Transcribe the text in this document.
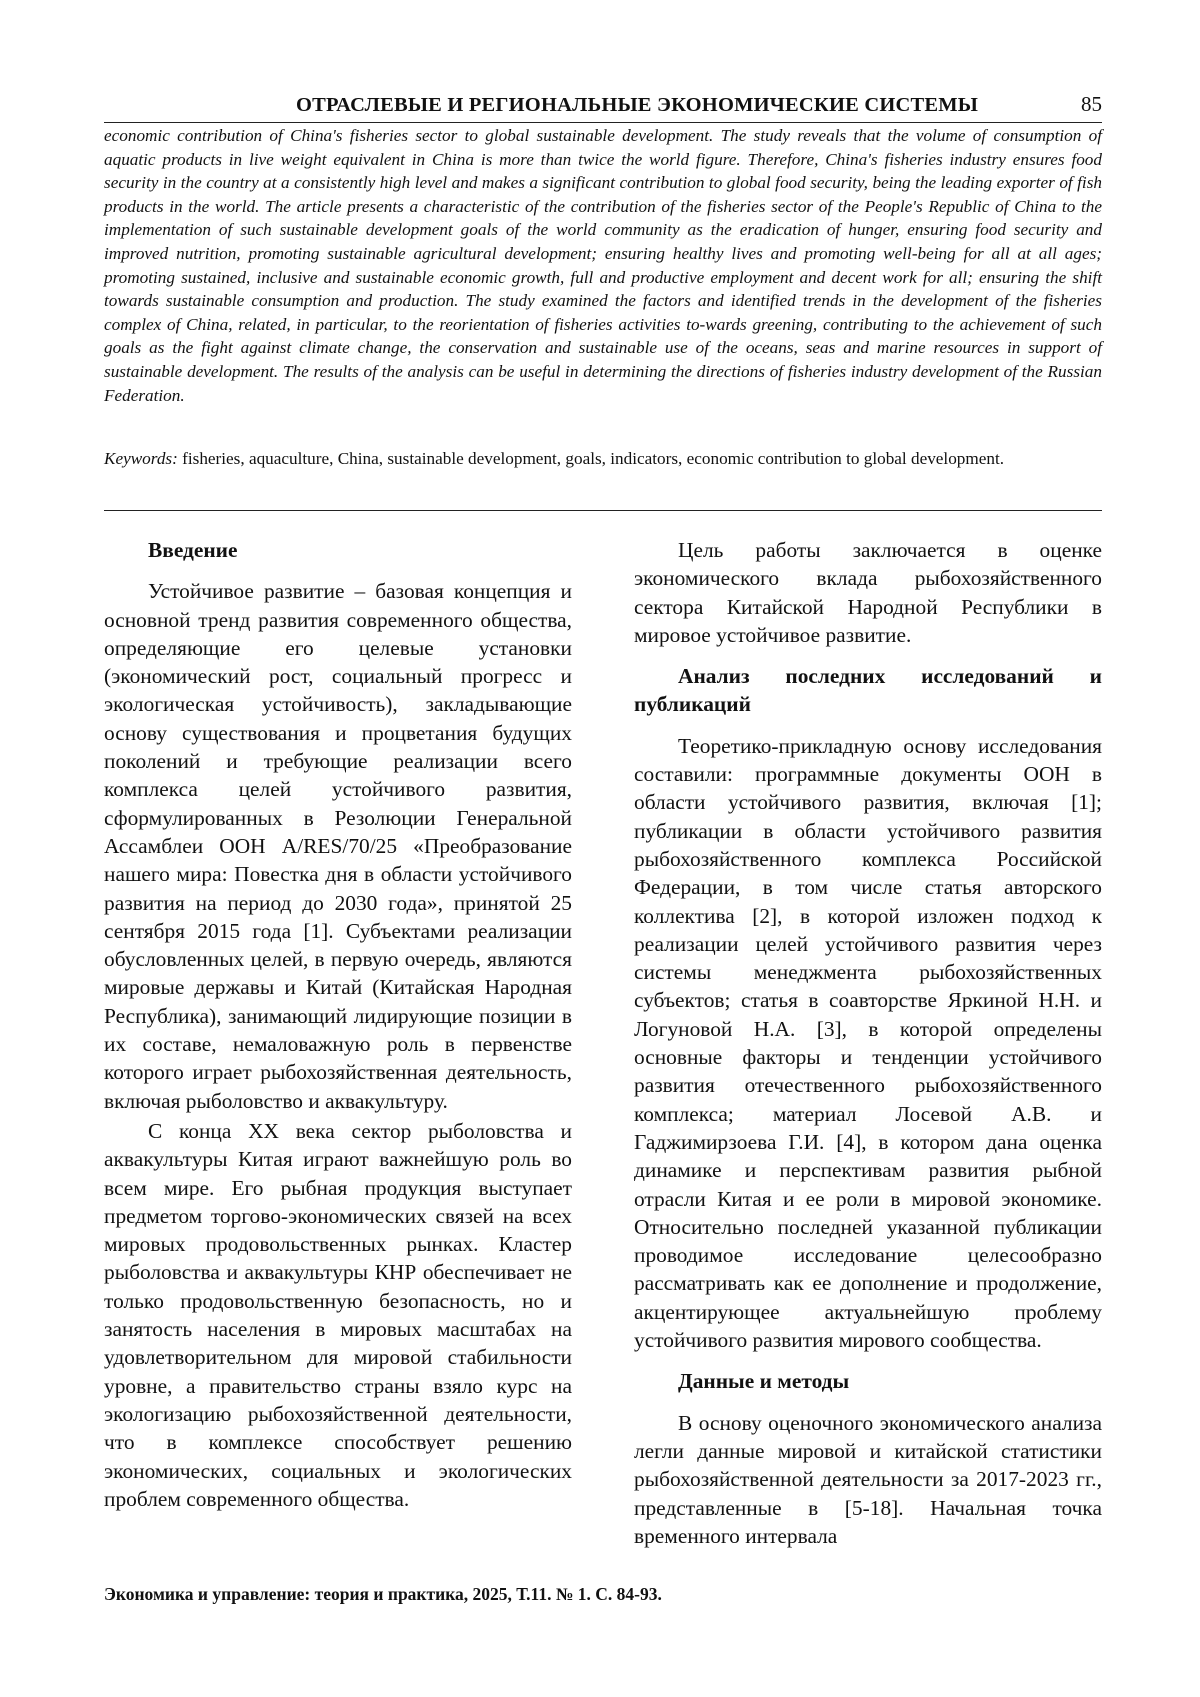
ОТРАСЛЕВЫЕ И РЕГИОНАЛЬНЫЕ ЭКОНОМИЧЕСКИЕ СИСТЕМЫ	85

economic contribution of China's fisheries sector to global sustainable development. The study reveals that the volume of consumption of aquatic products in live weight equivalent in China is more than twice the world figure. Therefore, China's fisheries industry ensures food security in the country at a consistently high level and makes a significant contribution to global food security, being the leading exporter of fish products in the world. The article presents a characteristic of the contribution of the fisheries sector of the People's Republic of China to the implementation of such sustainable development goals of the world community as the eradication of hunger, ensuring food security and improved nutrition, promoting sustainable agricultural development; ensuring healthy lives and promoting well-being for all at all ages; promoting sustained, inclusive and sustainable economic growth, full and productive employment and decent work for all; ensuring the shift towards sustainable consumption and production. The study examined the factors and identified trends in the development of the fisheries complex of China, related, in particular, to the reorientation of fisheries activities to-wards greening, contributing to the achievement of such goals as the fight against climate change, the conservation and sustainable use of the oceans, seas and marine resources in support of sustainable development. The results of the analysis can be useful in determining the directions of fisheries industry development of the Russian Federation.

Keywords: fisheries, aquaculture, China, sustainable development, goals, indicators, economic contribution to global development.

Введение

Устойчивое развитие – базовая концепция и основной тренд развития современного общества, определяющие его целевые установки (экономический рост, социальный прогресс и экологическая устойчивость), закладывающие основу существования и процветания будущих поколений и требующие реализации всего комплекса целей устойчивого развития, сформулированных в Резолюции Генеральной Ассамблеи ООН A/RES/70/25 «Преобразование нашего мира: Повестка дня в области устойчивого развития на период до 2030 года», принятой 25 сентября 2015 года [1]. Субъектами реализации обусловленных целей, в первую очередь, являются мировые державы и Китай (Китайская Народная Республика), занимающий лидирующие позиции в их составе, немаловажную роль в первенстве которого играет рыбохозяйственная деятельность, включая рыболовство и аквакультуру.

С конца XX века сектор рыболовства и аквакультуры Китая играют важнейшую роль во всем мире. Его рыбная продукция выступает предметом торгово-экономических связей на всех мировых продовольственных рынках. Кластер рыболовства и аквакультуры КНР обеспечивает не только продовольственную безопасность, но и занятость населения в мировых масштабах на удовлетворительном для мировой стабильности уровне, а правительство страны взяло курс на экологизацию рыбохозяйственной деятельности, что в комплексе способствует решению экономических, социальных и экологических проблем современного общества.

Цель работы заключается в оценке экономического вклада рыбохозяйственного сектора Китайской Народной Республики в мировое устойчивое развитие.

Анализ последних исследований и публикаций

Теоретико-прикладную основу исследования составили: программные документы ООН в области устойчивого развития, включая [1]; публикации в области устойчивого развития рыбохозяйственного комплекса Российской Федерации, в том числе статья авторского коллектива [2], в которой изложен подход к реализации целей устойчивого развития через системы менеджмента рыбохозяйственных субъектов; статья в соавторстве Яркиной Н.Н. и Логуновой Н.А. [3], в которой определены основные факторы и тенденции устойчивого развития отечественного рыбохозяйственного комплекса; материал Лосевой А.В. и Гаджимирзоева Г.И. [4], в котором дана оценка динамике и перспективам развития рыбной отрасли Китая и ее роли в мировой экономике. Относительно последней указанной публикации проводимое исследование целесообразно рассматривать как ее дополнение и продолжение, акцентирующее актуальнейшую проблему устойчивого развития мирового сообщества.

Данные и методы

В основу оценочного экономического анализа легли данные мировой и китайской статистики рыбохозяйственной деятельности за 2017-2023 гг., представленные в [5-18]. Начальная точка временного интервала

Экономика и управление: теория и практика, 2025, Т.11. № 1. С. 84-93.
